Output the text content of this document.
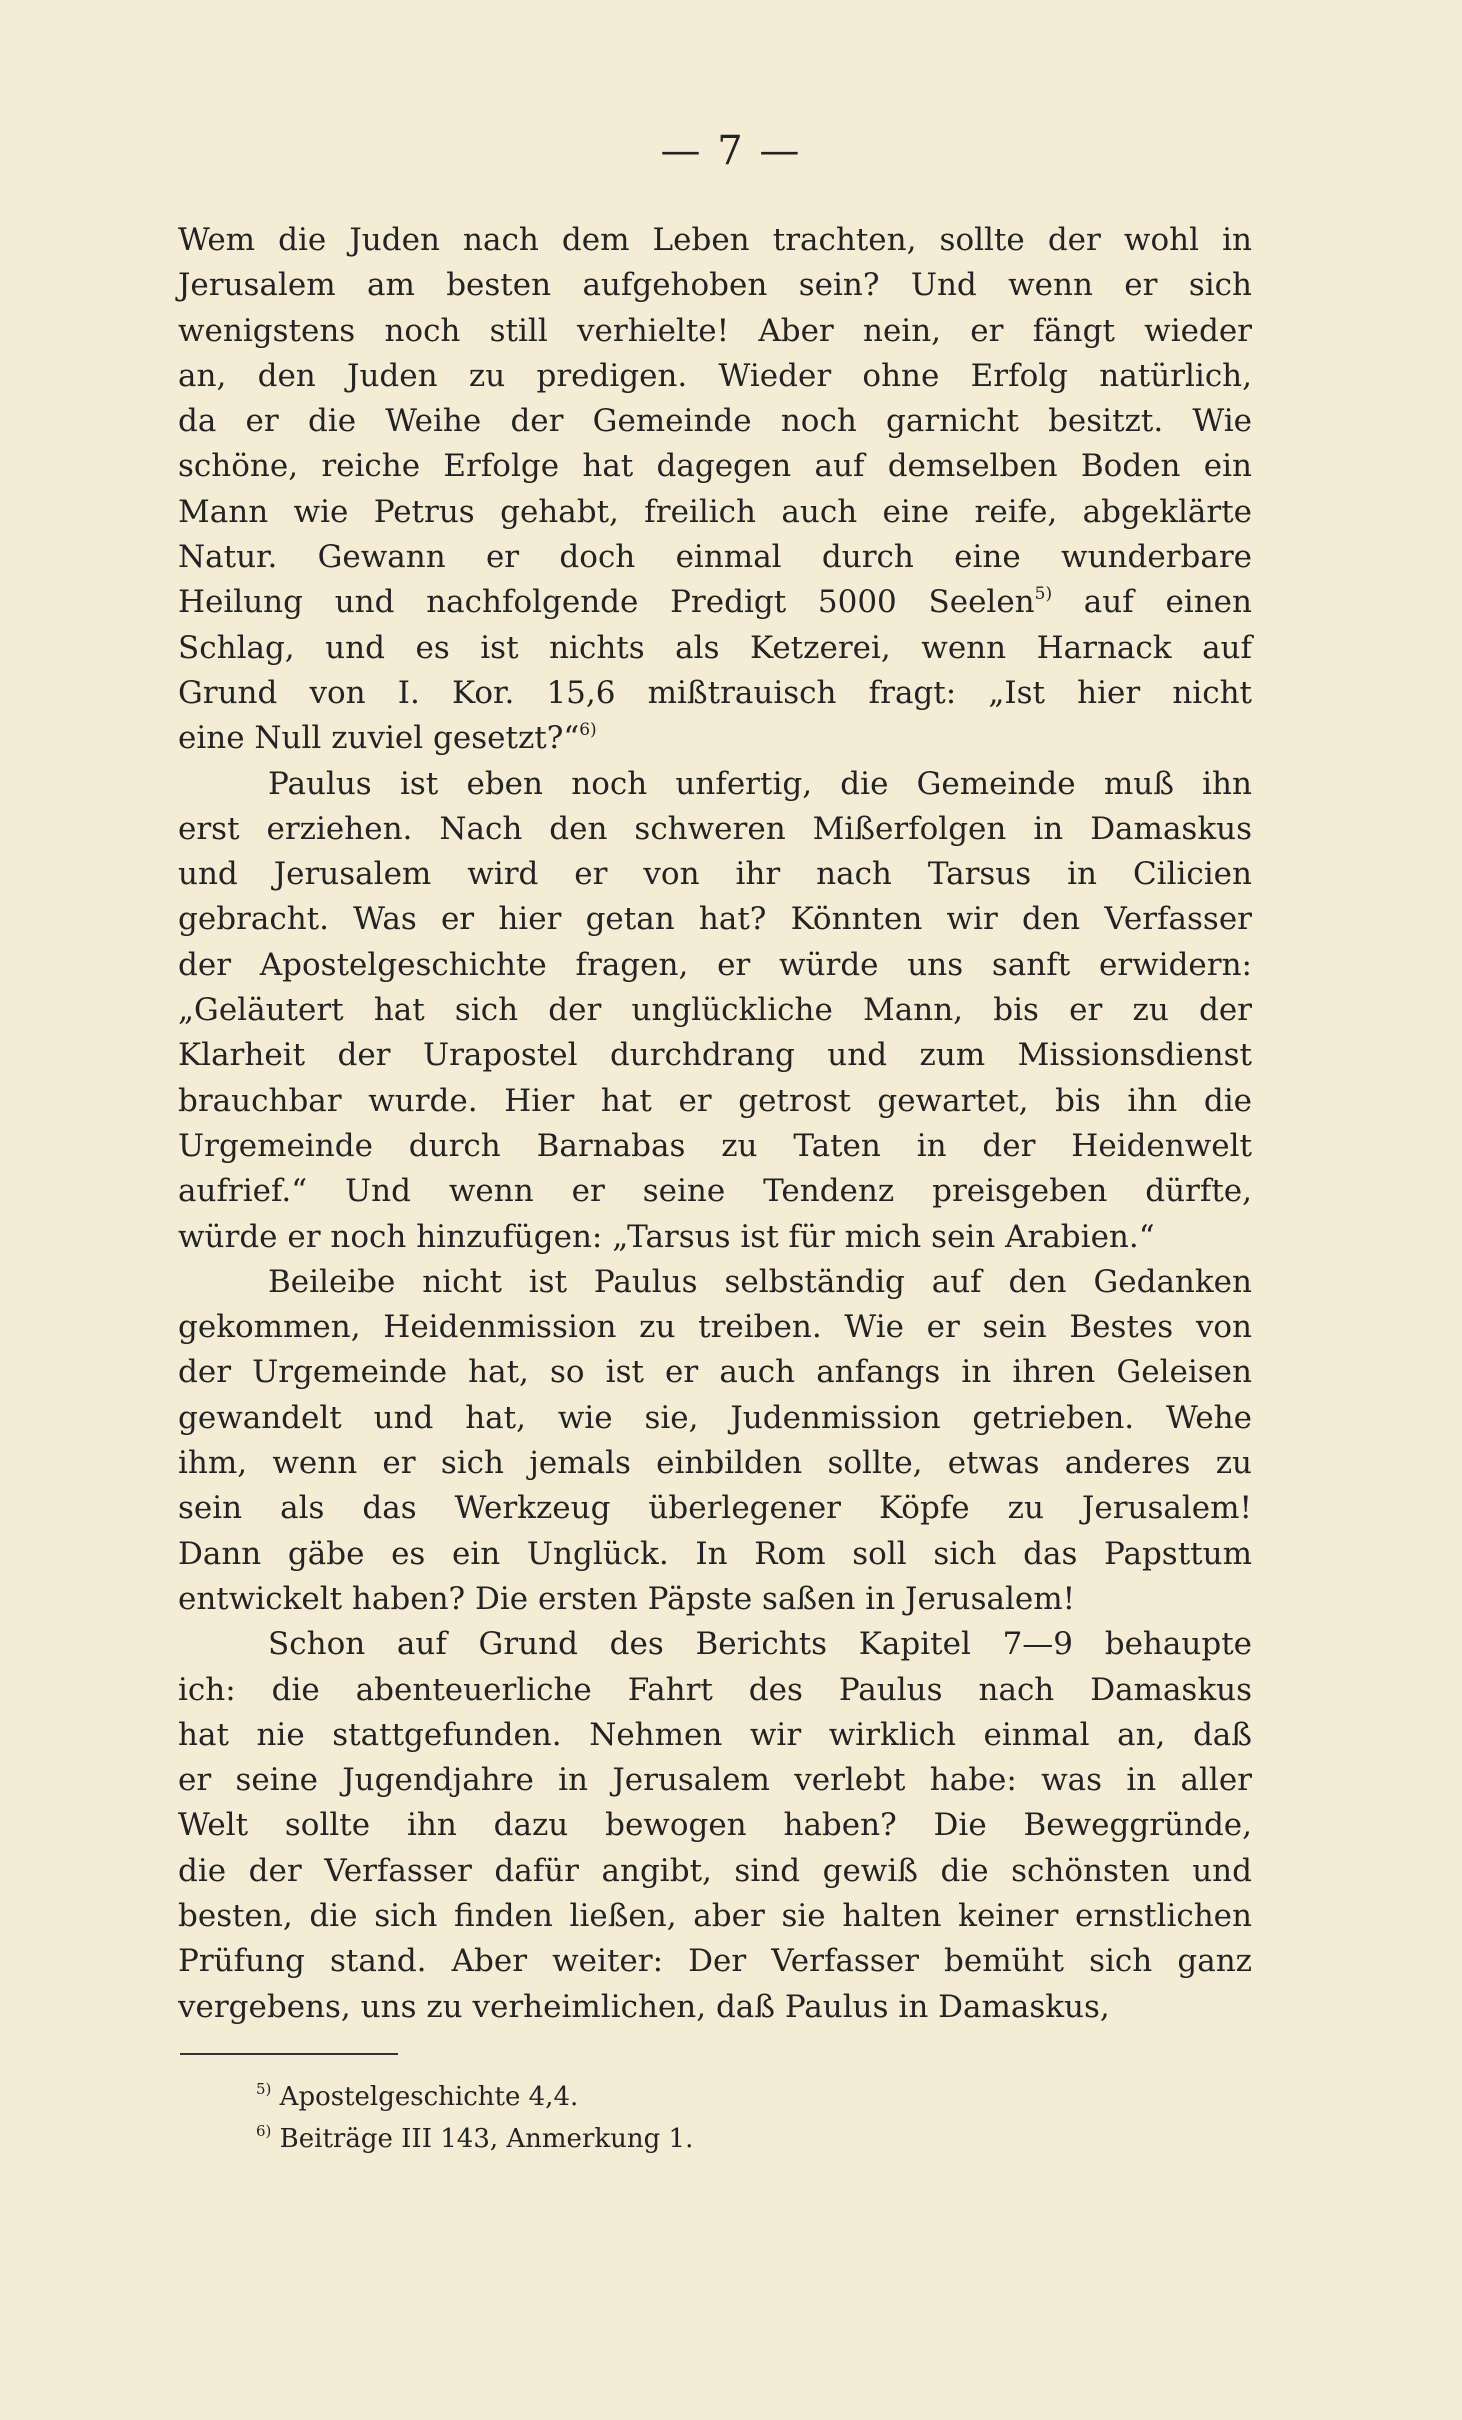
— 7 —
Wem die Juden nach dem Leben trachten, sollte der wohl in
Jerusalem am besten aufgehoben sein? Und wenn er sich
wenigstens noch still verhielte! Aber nein, er fängt wieder
an, den Juden zu predigen. Wieder ohne Erfolg natürlich,
da er die Weihe der Gemeinde noch garnicht besitzt. Wie
schöne, reiche Erfolge hat dagegen auf demselben Boden ein
Mann wie Petrus gehabt, freilich auch eine reife, abgeklärte
Natur. Gewann er doch einmal durch eine wunderbare
Heilung und nachfolgende Predigt 5000 Seelen$^{5)}$ auf einen
Schlag, und es ist nichts als Ketzerei, wenn Harnack auf
Grund von I. Kor. 15,6 mißtrauisch fragt: „Ist hier nicht
eine Null zuviel gesetzt?“$^{6)}$
Paulus ist eben noch unfertig, die Gemeinde muß ihn
erst erziehen. Nach den schweren Mißerfolgen in Damaskus
und Jerusalem wird er von ihr nach Tarsus in Cilicien
gebracht. Was er hier getan hat? Könnten wir den Verfasser
der Apostelgeschichte fragen, er würde uns sanft erwidern:
„Geläutert hat sich der unglückliche Mann, bis er zu der
Klarheit der Urapostel durchdrang und zum Missionsdienst
brauchbar wurde. Hier hat er getrost gewartet, bis ihn die
Urgemeinde durch Barnabas zu Taten in der Heidenwelt
aufrief.“ Und wenn er seine Tendenz preisgeben dürfte,
würde er noch hinzufügen: „Tarsus ist für mich sein Arabien.“
Beileibe nicht ist Paulus selbständig auf den Gedanken
gekommen, Heidenmission zu treiben. Wie er sein Bestes von
der Urgemeinde hat, so ist er auch anfangs in ihren Geleisen
gewandelt und hat, wie sie, Judenmission getrieben. Wehe
ihm, wenn er sich jemals einbilden sollte, etwas anderes zu
sein als das Werkzeug überlegener Köpfe zu Jerusalem!
Dann gäbe es ein Unglück. In Rom soll sich das Papsttum
entwickelt haben? Die ersten Päpste saßen in Jerusalem!
Schon auf Grund des Berichts Kapitel 7—9 behaupte
ich: die abenteuerliche Fahrt des Paulus nach Damaskus
hat nie stattgefunden. Nehmen wir wirklich einmal an, daß
er seine Jugendjahre in Jerusalem verlebt habe: was in aller
Welt sollte ihn dazu bewogen haben? Die Beweggründe,
die der Verfasser dafür angibt, sind gewiß die schönsten und
besten, die sich finden ließen, aber sie halten keiner ernstlichen
Prüfung stand. Aber weiter: Der Verfasser bemüht sich ganz
vergebens, uns zu verheimlichen, daß Paulus in Damaskus,
$^{5)}$ Apostelgeschichte 4,4.
$^{6)}$ Beiträge III 143, Anmerkung 1.
